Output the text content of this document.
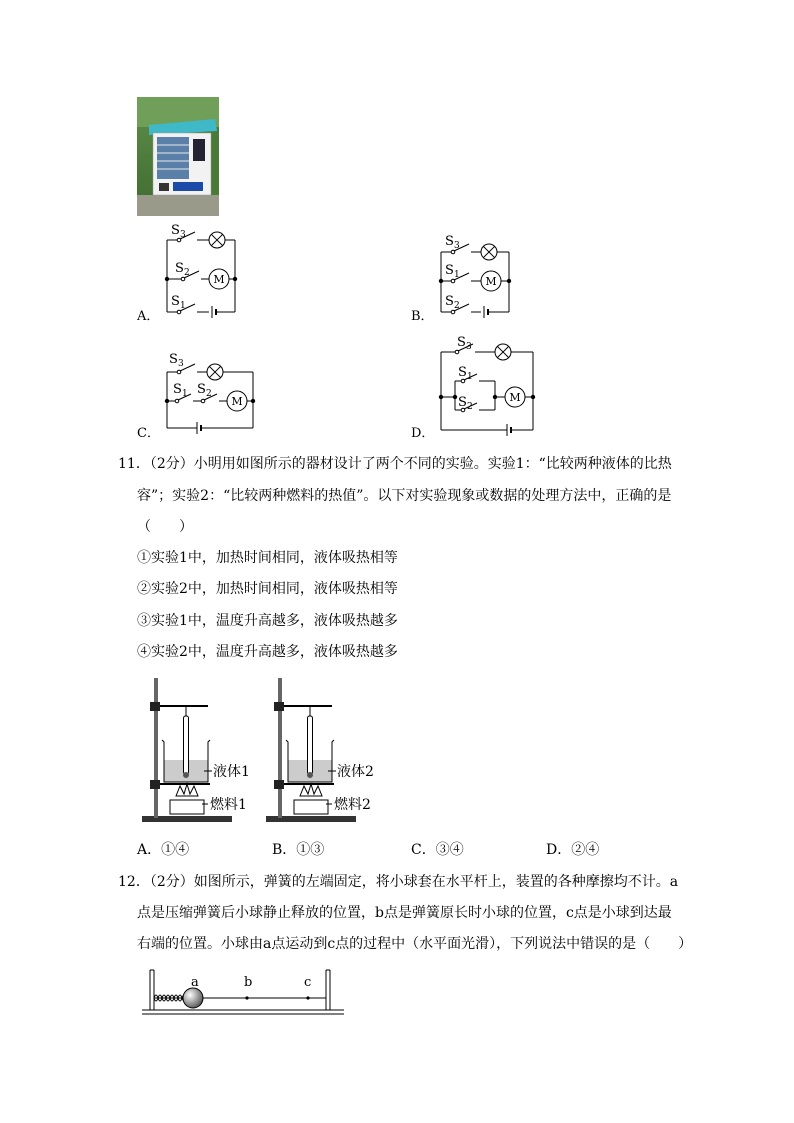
S 3
S 2
S 1
M
A．
S 3
S 1
S 2
M
B．
S 3
S 1 S 2
M
C．
S 3
S 1
S 2
M
D．
11．（2分）小明用如图所示的器材设计了两个不同的实验。实验1：“比较两种液体的比热
容”；实验2：“比较两种燃料的热值”。以下对实验现象或数据的处理方法中，正确的是
（　　）
①实验1中，加热时间相同，液体吸热相等
②实验2中，加热时间相同，液体吸热相等
③实验1中，温度升高越多，液体吸热越多
④实验2中，温度升高越多，液体吸热越多
液体1
燃料1
液体2
燃料2
A．①④	B．①③	C．③④	D．②④
12．（2分）如图所示，弹簧的左端固定，将小球套在水平杆上，装置的各种摩擦均不计。a
点是压缩弹簧后小球静止释放的位置，b点是弹簧原长时小球的位置，c点是小球到达最
右端的位置。小球由a点运动到c点的过程中（水平面光滑），下列说法中错误的是（　　）
a	b	c
